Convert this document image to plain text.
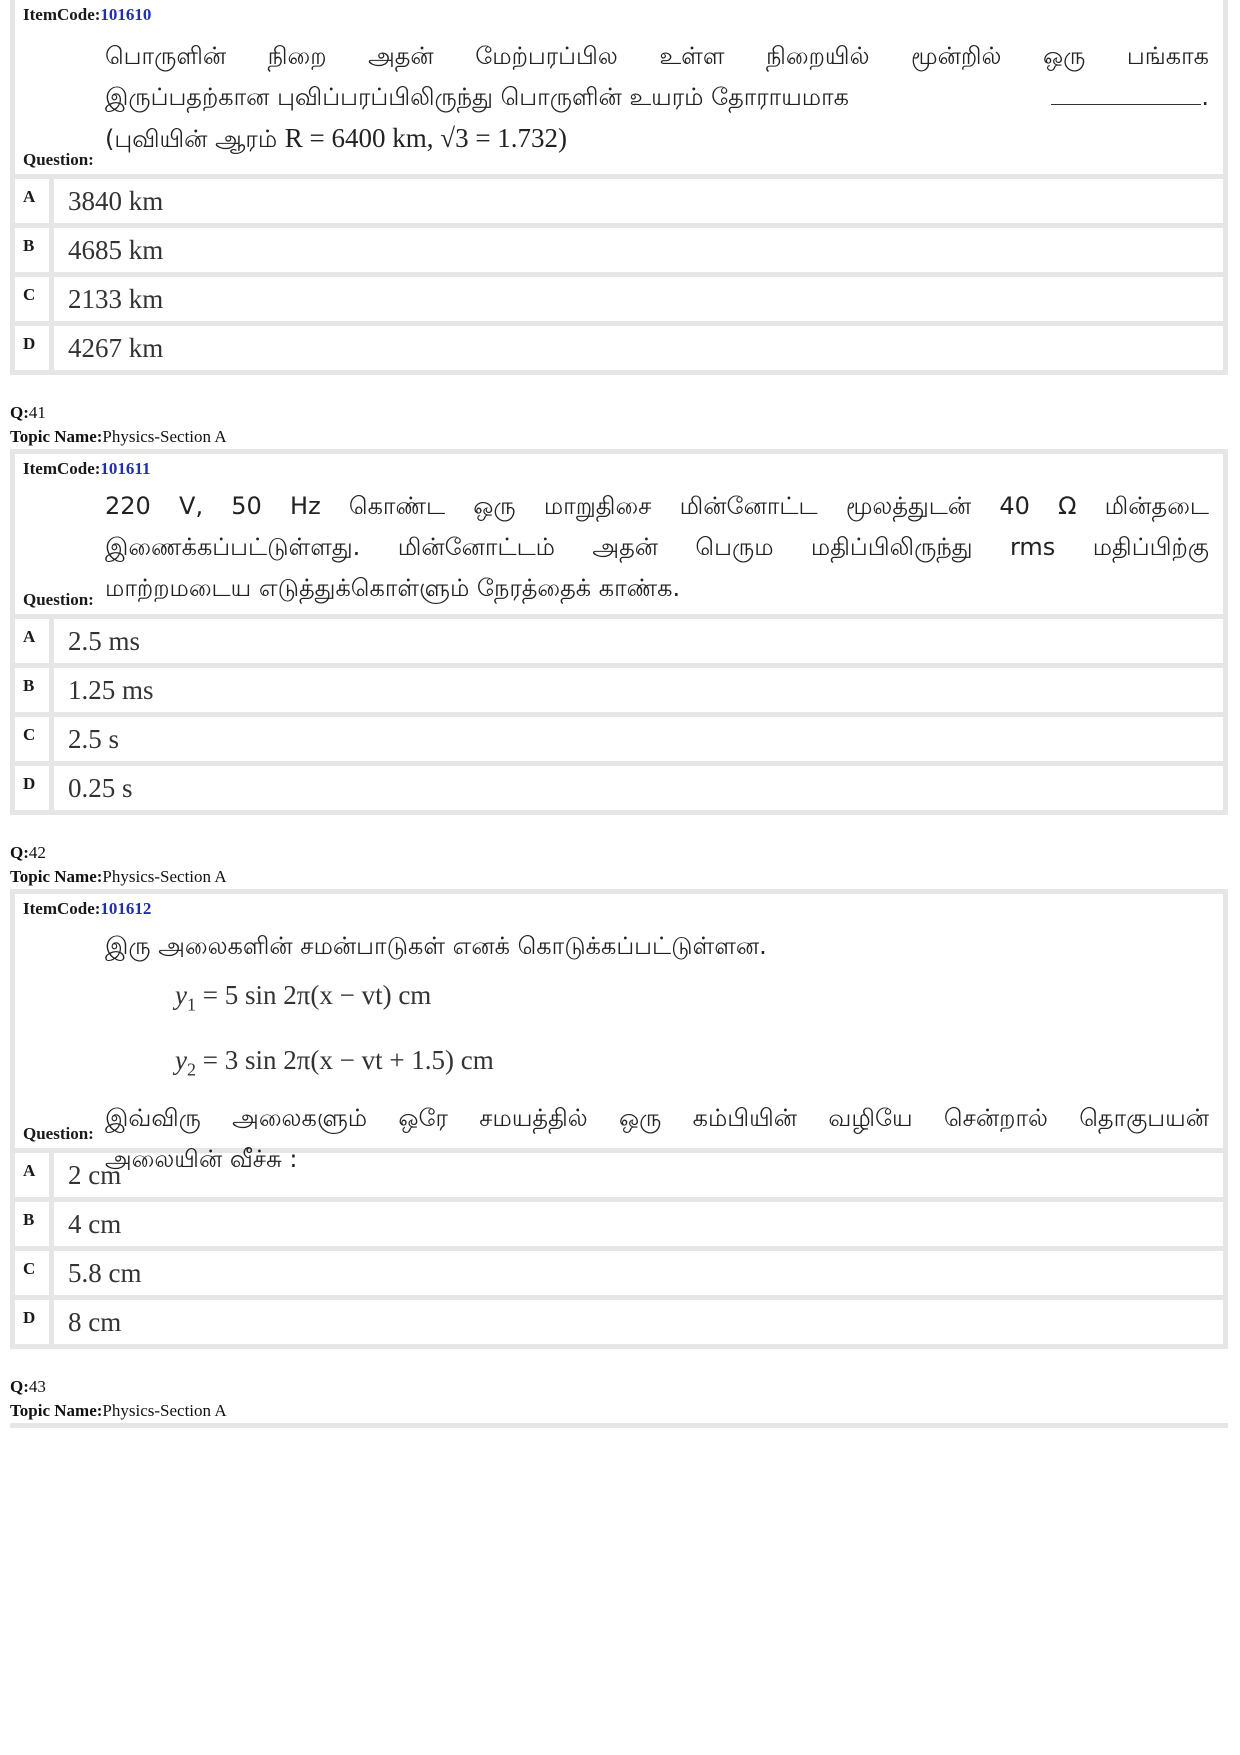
ItemCode:101610
பொருளின் நிறை அதன் மேற்பரப்பில உள்ள நிறையில் மூன்றில் ஒரு பங்காக
இருப்பதற்கான புவிப்பரப்பிலிருந்து பொருளின் உயரம் தோராயமாக	.
(புவியின் ஆரம் R = 6400 km, √3 = 1.732)
Question:
A	3840 km
B	4685 km
C	2133 km
D	4267 km
Q:41
Topic Name:Physics-Section A
ItemCode:101611
220 V, 50 Hz கொண்ட ஒரு மாறுதிசை மின்னோட்ட மூலத்துடன் 40 Ω மின்தடை
இணைக்கப்பட்டுள்ளது. மின்னோட்டம் அதன் பெரும மதிப்பிலிருந்து rms மதிப்பிற்கு
மாற்றமடைய எடுத்துக்கொள்ளும் நேரத்தைக் காண்க.
Question:
A	2.5 ms
B	1.25 ms
C	2.5 s
D	0.25 s
Q:42
Topic Name:Physics-Section A
ItemCode:101612
இரு அலைகளின் சமன்பாடுகள் எனக் கொடுக்கப்பட்டுள்ளன.
$y_1 = 5$ sin 2π(x − vt) cm
$y_2 = 3$ sin 2π(x − vt + 1.5) cm
இவ்விரு அலைகளும் ஒரே சமயத்தில் ஒரு கம்பியின் வழியே சென்றால் தொகுபயன்
அலையின் வீச்சு :
Question:
A	2 cm
B	4 cm
C	5.8 cm
D	8 cm
Q:43
Topic Name:Physics-Section A
